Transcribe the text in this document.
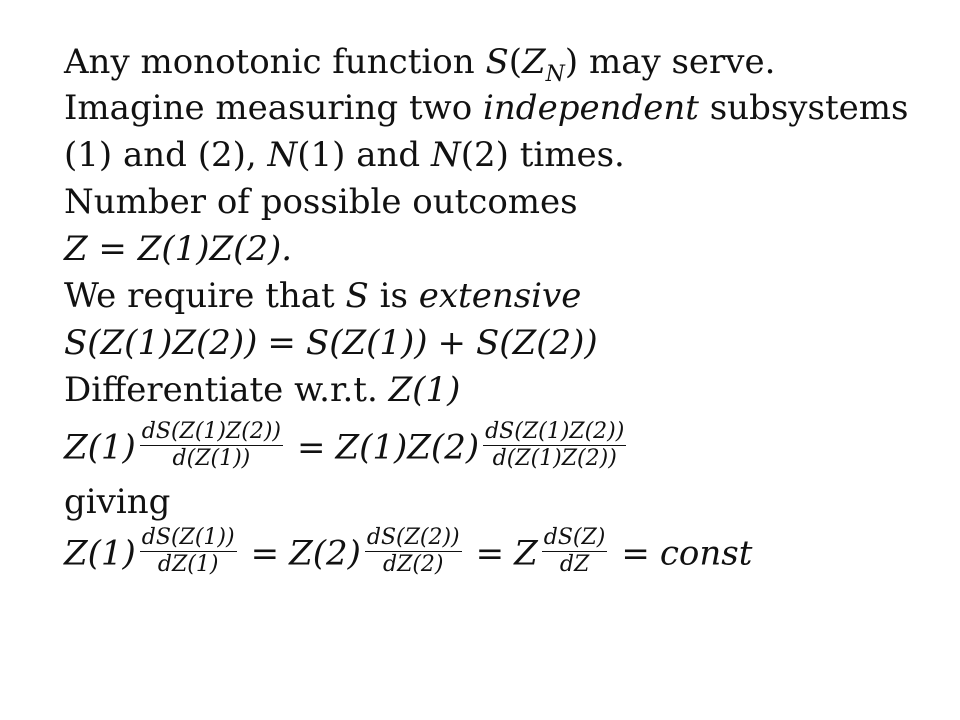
Any monotonic function $S(Z_N)$ may serve.
Imagine measuring two independent subsystems
(1) and (2), N(1) and N(2) times.
Number of possible outcomes
Z = Z(1)Z(2).
We require that S is extensive
S(Z(1)Z(2)) = S(Z(1)) + S(Z(2))
Differentiate w.r.t. Z(1)
$Z(1) \frac{dS(Z(1)Z(2))}{d(Z(1))} = Z(1)Z(2) \frac{dS(Z(1)Z(2))}{d(Z(1)Z(2))}$
giving
$Z(1) \frac{dS(Z(1))}{dZ(1)} = Z(2) \frac{dS(Z(2))}{dZ(2)} = Z \frac{dS(Z)}{dZ}$ = const
